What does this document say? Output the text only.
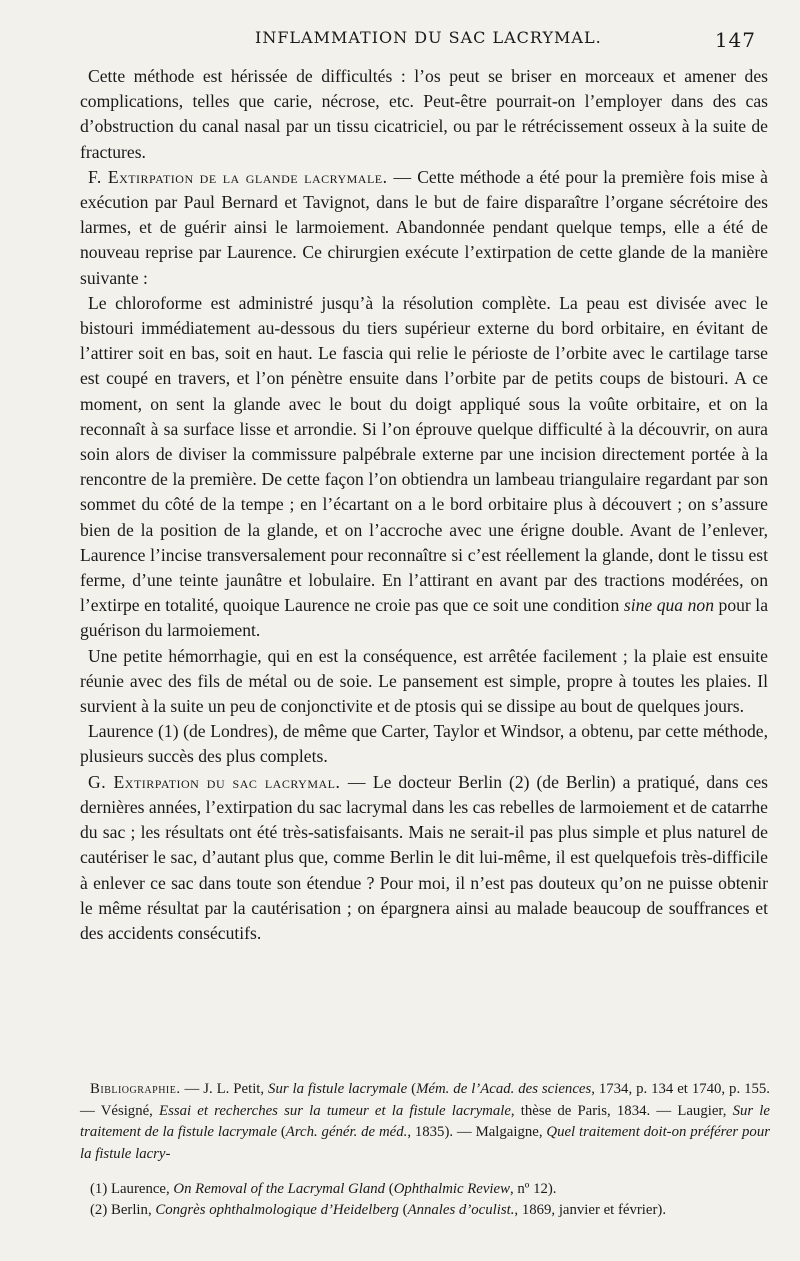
INFLAMMATION DU SAC LACRYMAL.	147

Cette méthode est hérissée de difficultés : l’os peut se briser en morceaux et amener des complications, telles que carie, nécrose, etc. Peut-être pourrait-on l’employer dans des cas d’obstruction du canal nasal par un tissu cicatriciel, ou par le rétrécissement osseux à la suite de fractures.

F. Extirpation de la glande lacrymale. — Cette méthode a été pour la première fois mise à exécution par Paul Bernard et Tavignot, dans le but de faire disparaître l’organe sécrétoire des larmes, et de guérir ainsi le larmoiement. Abandonnée pendant quelque temps, elle a été de nouveau reprise par Laurence. Ce chirurgien exécute l’extirpation de cette glande de la manière suivante :

Le chloroforme est administré jusqu’à la résolution complète. La peau est divisée avec le bistouri immédiatement au-dessous du tiers supérieur externe du bord orbitaire, en évitant de l’attirer soit en bas, soit en haut. Le fascia qui relie le périoste de l’orbite avec le cartilage tarse est coupé en travers, et l’on pénètre ensuite dans l’orbite par de petits coups de bistouri. A ce moment, on sent la glande avec le bout du doigt appliqué sous la voûte orbitaire, et on la reconnaît à sa surface lisse et arrondie. Si l’on éprouve quelque difficulté à la découvrir, on aura soin alors de diviser la commissure palpébrale externe par une incision directement portée à la rencontre de la première. De cette façon l’on obtiendra un lambeau triangulaire regardant par son sommet du côté de la tempe ; en l’écartant on a le bord orbitaire plus à découvert ; on s’assure bien de la position de la glande, et on l’accroche avec une érigne double. Avant de l’enlever, Laurence l’incise transversalement pour reconnaître si c’est réellement la glande, dont le tissu est ferme, d’une teinte jaunâtre et lobulaire. En l’attirant en avant par des tractions modérées, on l’extirpe en totalité, quoique Laurence ne croie pas que ce soit une condition sine qua non pour la guérison du larmoiement.

Une petite hémorrhagie, qui en est la conséquence, est arrêtée facilement ; la plaie est ensuite réunie avec des fils de métal ou de soie. Le pansement est simple, propre à toutes les plaies. Il survient à la suite un peu de conjonctivite et de ptosis qui se dissipe au bout de quelques jours.

Laurence (1) (de Londres), de même que Carter, Taylor et Windsor, a obtenu, par cette méthode, plusieurs succès des plus complets.

G. Extirpation du sac lacrymal. — Le docteur Berlin (2) (de Berlin) a pratiqué, dans ces dernières années, l’extirpation du sac lacrymal dans les cas rebelles de larmoiement et de catarrhe du sac ; les résultats ont été très-satisfaisants. Mais ne serait-il pas plus simple et plus naturel de cautériser le sac, d’autant plus que, comme Berlin le dit lui-même, il est quelquefois très-difficile à enlever ce sac dans toute son étendue ? Pour moi, il n’est pas douteux qu’on ne puisse obtenir le même résultat par la cautérisation ; on épargnera ainsi au malade beaucoup de souffrances et des accidents consécutifs.

Bibliographie. — J. L. Petit, Sur la fistule lacrymale (Mém. de l’Acad. des sciences, 1734, p. 134 et 1740, p. 155. — Vésigné, Essai et recherches sur la tumeur et la fistule lacrymale, thèse de Paris, 1834. — Laugier, Sur le traitement de la fistule lacrymale (Arch. génér. de méd., 1835). — Malgaigne, Quel traitement doit-on préférer pour la fistule lacry-

(1) Laurence, On Removal of the Lacrymal Gland (Ophthalmic Review, nº 12).

(2) Berlin, Congrès ophthalmologique d’Heidelberg (Annales d’oculist., 1869, janvier et février).
